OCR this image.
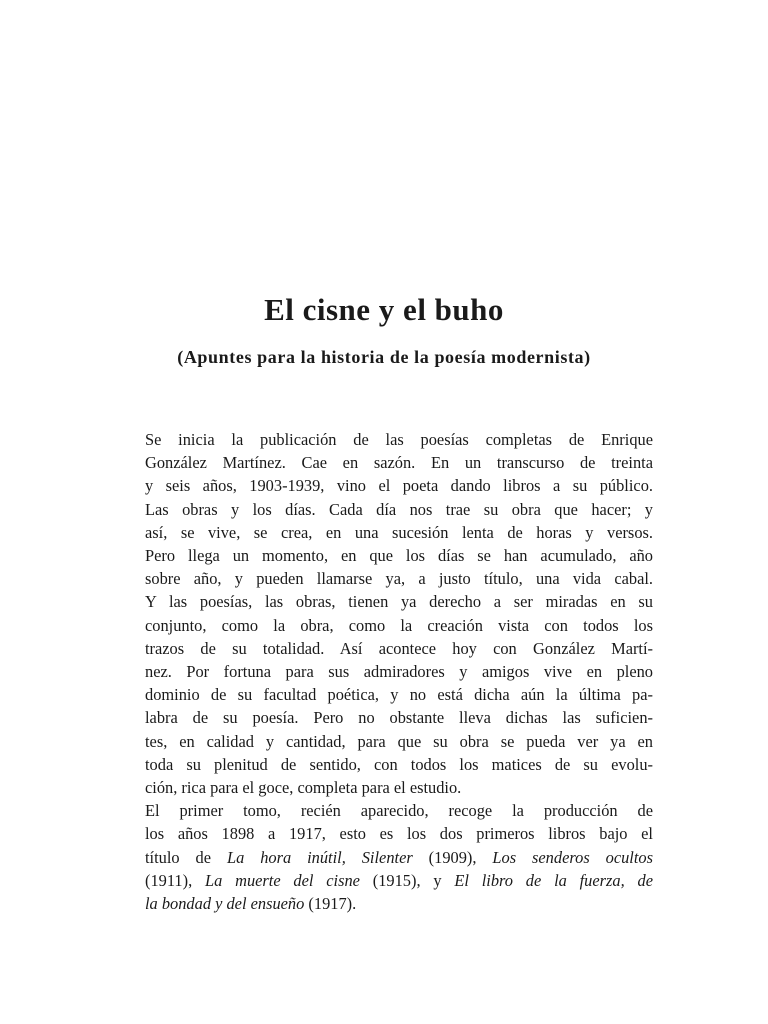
El cisne y el buho
(Apuntes para la historia de la poesía modernista)

Se inicia la publicación de las poesías completas de Enrique
González Martínez. Cae en sazón. En un transcurso de treinta
y seis años, 1903-1939, vino el poeta dando libros a su público.
Las obras y los días. Cada día nos trae su obra que hacer; y
así, se vive, se crea, en una sucesión lenta de horas y versos.
Pero llega un momento, en que los días se han acumulado, año
sobre año, y pueden llamarse ya, a justo título, una vida cabal.
Y las poesías, las obras, tienen ya derecho a ser miradas en su
conjunto, como la obra, como la creación vista con todos los
trazos de su totalidad. Así acontece hoy con González Martí-
nez. Por fortuna para sus admiradores y amigos vive en pleno
dominio de su facultad poética, y no está dicha aún la última pa-
labra de su poesía. Pero no obstante lleva dichas las suficien-
tes, en calidad y cantidad, para que su obra se pueda ver ya en
toda su plenitud de sentido, con todos los matices de su evolu-
ción, rica para el goce, completa para el estudio.

El primer tomo, recién aparecido, recoge la producción de
los años 1898 a 1917, esto es los dos primeros libros bajo el
título de La hora inútil, Silenter (1909), Los senderos ocultos
(1911), La muerte del cisne (1915), y El libro de la fuerza, de
la bondad y del ensueño (1917).
